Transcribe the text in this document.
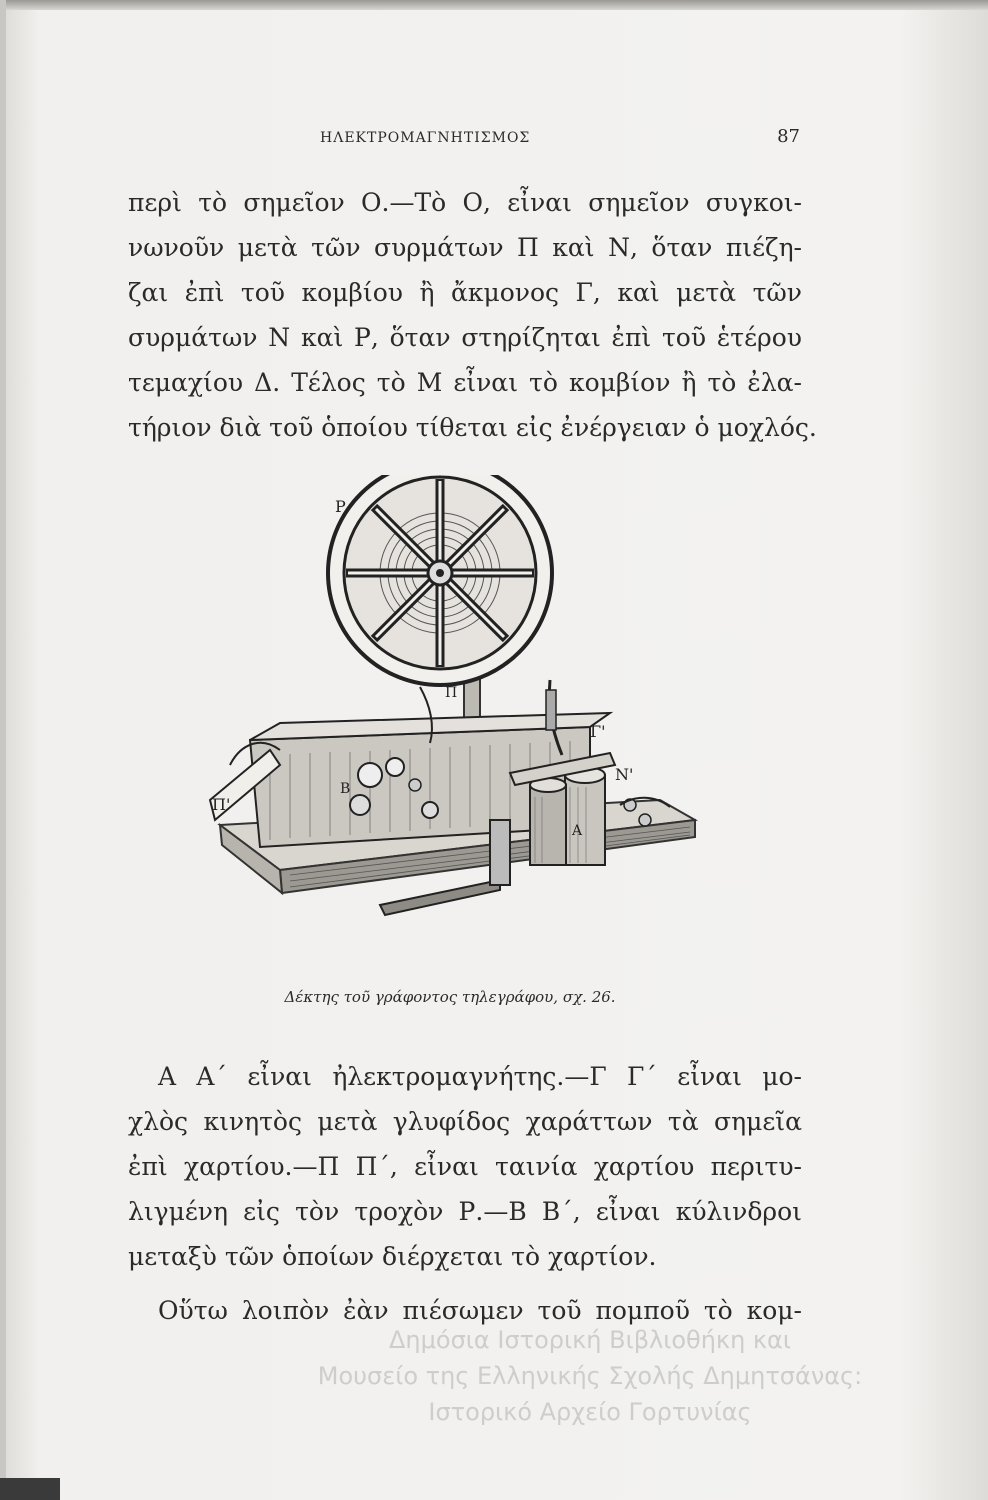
ΗΛΕΚΤΡΟΜΑΓΝΗΤΙΣΜΟΣ	87
περὶ τὸ σημεῖον Ο.—Τὸ Ο, εἶναι σημεῖον συγκοι-
νωνοῦν μετὰ τῶν συρμάτων Π καὶ Ν, ὅταν πιέζη-
ζαι ἐπὶ τοῦ κομβίου ἢ ἄκμονος Γ, καὶ μετὰ τῶν
συρμάτων Ν καὶ Ρ, ὅταν στηρίζηται ἐπὶ τοῦ ἑτέρου
τεμαχίου Δ. Τέλος τὸ Μ εἶναι τὸ κομβίον ἢ τὸ ἐλα-
τήριον διὰ τοῦ ὁποίου τίθεται εἰς ἐνέργειαν ὁ μοχλός.
P
Π
Π'
Γ'
N'
Β
Α
Δέκτης τοῦ γράφοντος τηλεγράφου, σχ. 26.
Α Α΄ εἶναι ἠλεκτρομαγνήτης.—Γ Γ΄ εἶναι μο-
χλὸς κινητὸς μετὰ γλυφίδος χαράττων τὰ σημεῖα
ἐπὶ χαρτίου.—Π Π΄, εἶναι ταινία χαρτίου περιτυ-
λιγμένη εἰς τὸν τροχὸν Ρ.—Β Β΄, εἶναι κύλινδροι
μεταξὺ τῶν ὁποίων διέρχεται τὸ χαρτίον.
Οὕτω λοιπὸν ἐὰν πιέσωμεν τοῦ πομποῦ τὸ κομ-
Δημόσια Ιστορική Βιβλιοθήκη και
Μουσείο της Ελληνικής Σχολής Δημητσάνας:
Ιστορικό Αρχείο Γορτυνίας
